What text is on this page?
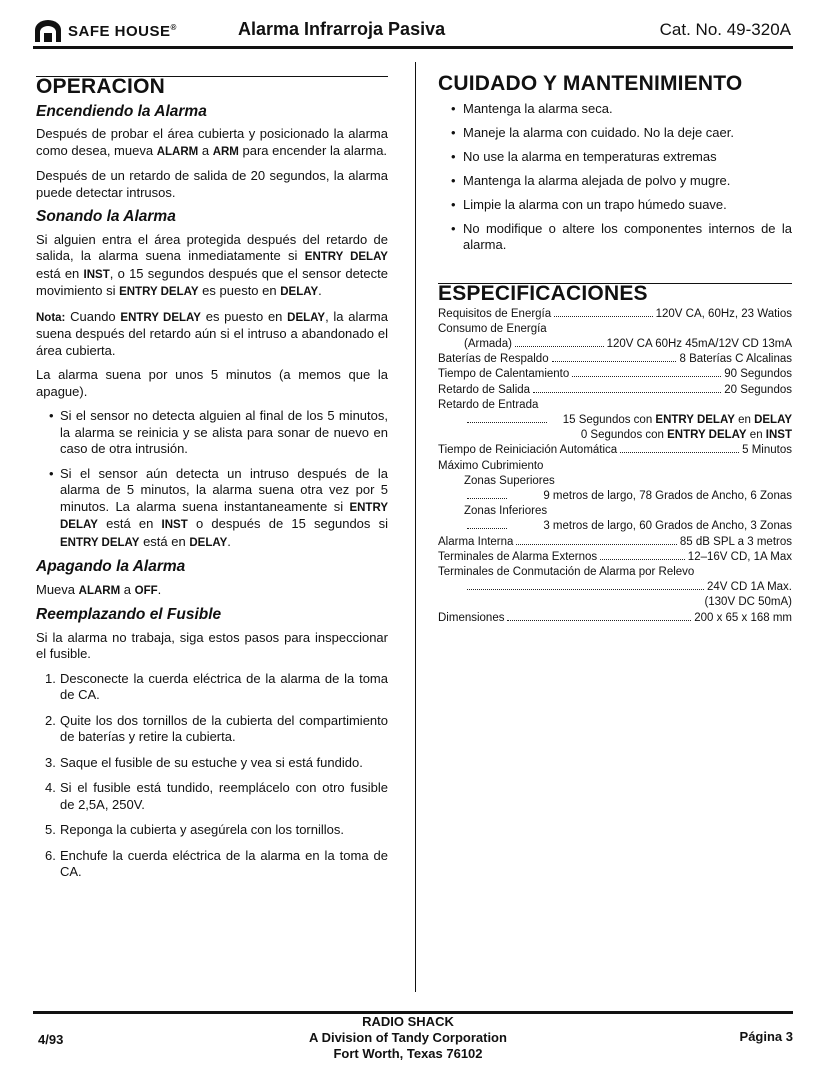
SAFE HOUSE®	Alarma Infrarroja Pasiva	Cat. No. 49-320A
OPERACION
Encendiendo la Alarma

Después de probar el área cubierta y posicionado la alarma como desea, mueva ALARM a ARM para encender la alarma.

Después de un retardo de salida de 20 segundos, la alarma puede detectar intrusos.

Sonando la Alarma

Si alguien entra el área protegida después del retardo de salida, la alarma suena inmediatamente si ENTRY DELAY está en INST, o 15 segundos después que el sensor detecte movimiento si ENTRY DELAY es puesto en DELAY.

Nota: Cuando ENTRY DELAY es puesto en DELAY, la alarma suena después del retardo aún si el intruso a abandonado el área cubierta.

La alarma suena por unos 5 minutos (a memos que la apague).

• Si el sensor no detecta alguien al final de los 5 minutos, la alarma se reinicia y se alista para sonar de nuevo en caso de otra intrusión.
• Si el sensor aún detecta un intruso después de la alarma de 5 minutos, la alarma suena otra vez por 5 minutos. La alarma suena instantaneamente si ENTRY DELAY está en INST o después de 15 segundos si ENTRY DELAY está en DELAY.
Apagando la Alarma

Mueva ALARM a OFF.

Reemplazando el Fusible

Si la alarma no trabaja, siga estos pasos para inspeccionar el fusible.

1. Desconecte la cuerda eléctrica de la alarma de la toma de CA.
2. Quite los dos tornillos de la cubierta del compartimiento de baterías y retire la cubierta.
3. Saque el fusible de su estuche y vea si está fundido.
4. Si el fusible está tundido, reemplácelo con otro fusible de 2,5A, 250V.
5. Reponga la cubierta y asegúrela con los tornillos.
6. Enchufe la cuerda eléctrica de la alarma en la toma de CA.
CUIDADO Y MANTENIMIENTO
• Mantenga la alarma seca.
• Maneje la alarma con cuidado. No la deje caer.
• No use la alarma en temperaturas extremas
• Mantenga la alarma alejada de polvo y mugre.
• Limpie la alarma con un trapo húmedo suave.
• No modifique o altere los componentes internos de la alarma.
ESPECIFICACIONES
Requisitos de Energía	120V CA, 60Hz, 23 Watios
Consumo de Energía
(Armada)	120V CA 60Hz 45mA/12V CD 13mA
Baterías de Respaldo	8 Baterías C Alcalinas
Tiempo de Calentamiento	90 Segundos
Retardo de Salida	20 Segundos
Retardo de Entrada
15 Segundos con ENTRY DELAY en DELAY
0 Segundos con ENTRY DELAY en INST
Tiempo de Reiniciación Automática	5 Minutos
Máximo Cubrimiento
Zonas Superiores
9 metros de largo, 78 Grados de Ancho, 6 Zonas
Zonas Inferiores
3 metros de largo, 60 Grados de Ancho, 3 Zonas
Alarma Interna	85 dB SPL a 3 metros
Terminales de Alarma Externos	12–16V CD, 1A Max
Terminales de Conmutación de Alarma por Relevo
24V CD 1A Max.
(130V DC 50mA)
Dimensiones	200 x 65 x 168 mm
4/93
RADIO SHACK
A Division of Tandy Corporation
Fort Worth, Texas 76102
Página 3
